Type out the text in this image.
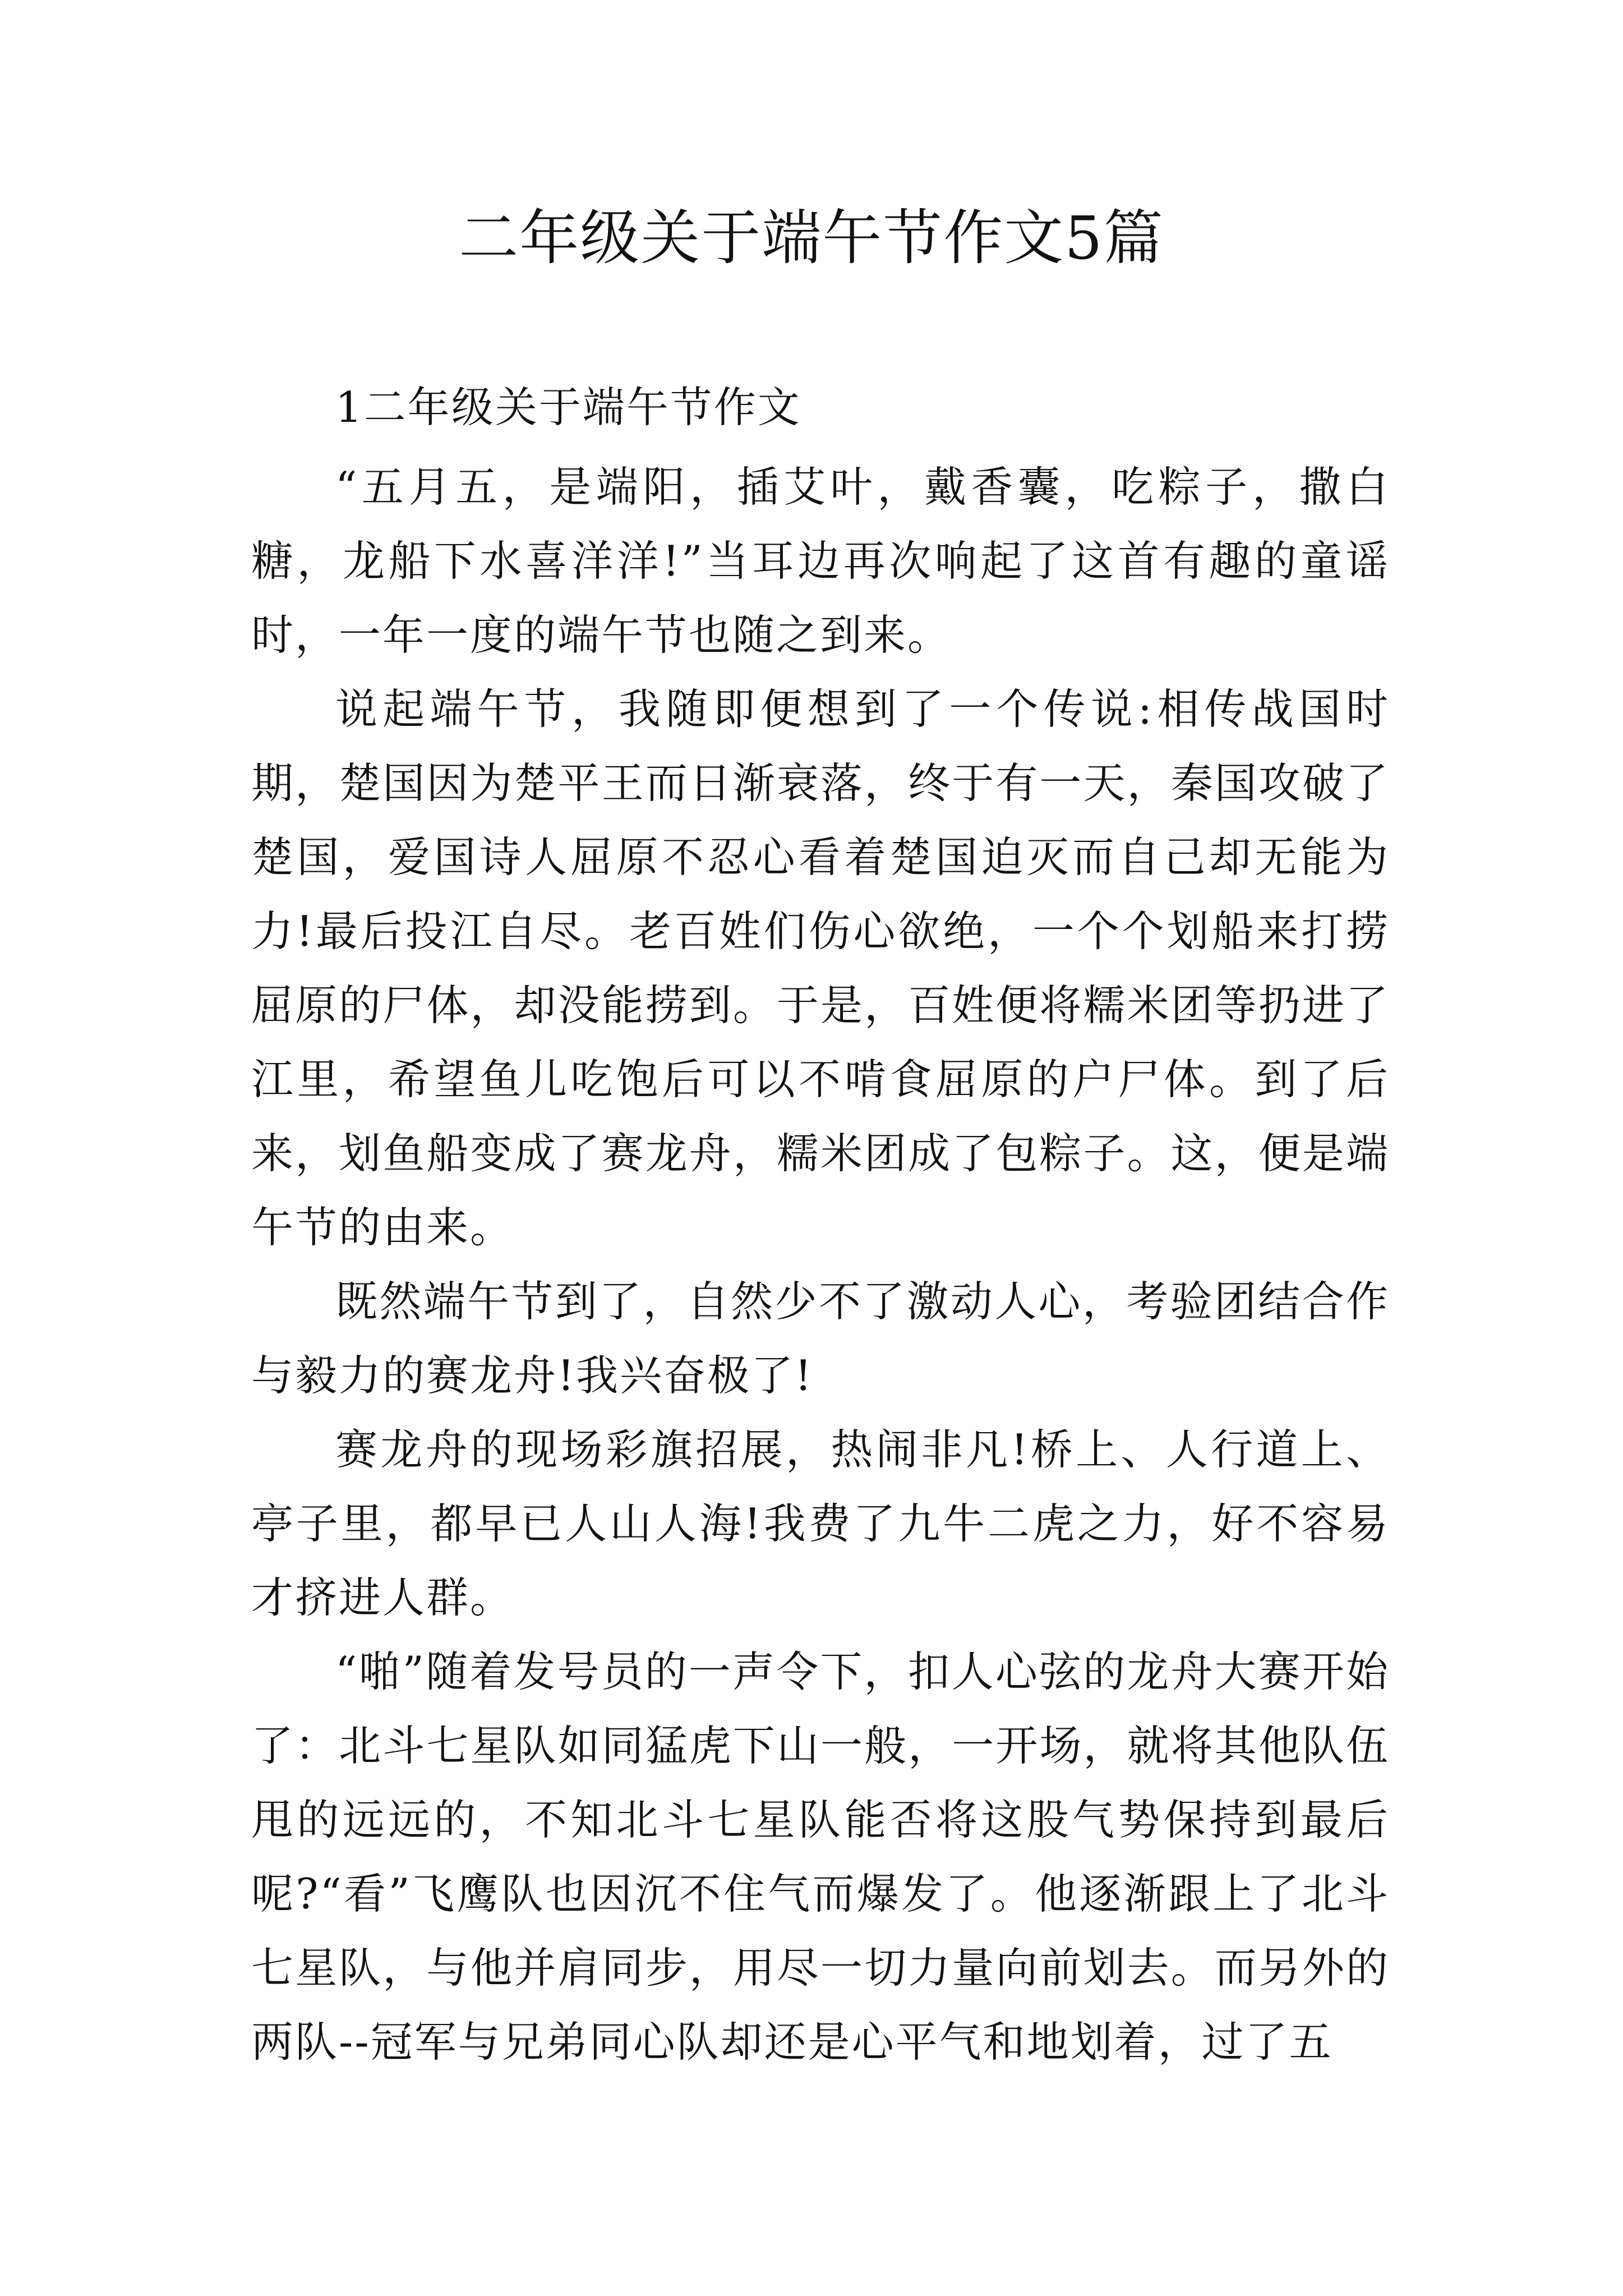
二年级关于端午节作文5篇

1二年级关于端午节作文

“五月五，是端阳，插艾叶，戴香囊，吃粽子，撒白糖，龙船下水喜洋洋!”当耳边再次响起了这首有趣的童谣时，一年一度的端午节也随之到来。

说起端午节，我随即便想到了一个传说:相传战国时期，楚国因为楚平王而日渐衰落，终于有一天，秦国攻破了楚国，爱国诗人屈原不忍心看着楚国迫灭而自己却无能为力!最后投江自尽。老百姓们伤心欲绝，一个个划船来打捞屈原的尸体，却没能捞到。于是，百姓便将糯米团等扔进了江里，希望鱼儿吃饱后可以不啃食屈原的户尸体。到了后来，划鱼船变成了赛龙舟，糯米团成了包粽子。这，便是端午节的由来。

既然端午节到了，自然少不了激动人心，考验团结合作与毅力的赛龙舟!我兴奋极了!

赛龙舟的现场彩旗招展，热闹非凡!桥上、人行道上、亭子里，都早已人山人海!我费了九牛二虎之力，好不容易才挤进人群。

“啪”随着发号员的一声令下，扣人心弦的龙舟大赛开始了：北斗七星队如同猛虎下山一般，一开场，就将其他队伍甩的远远的，不知北斗七星队能否将这股气势保持到最后呢?“看”飞鹰队也因沉不住气而爆发了。他逐渐跟上了北斗七星队，与他并肩同步，用尽一切力量向前划去。而另外的两队--冠军与兄弟同心队却还是心平气和地划着，过了五
